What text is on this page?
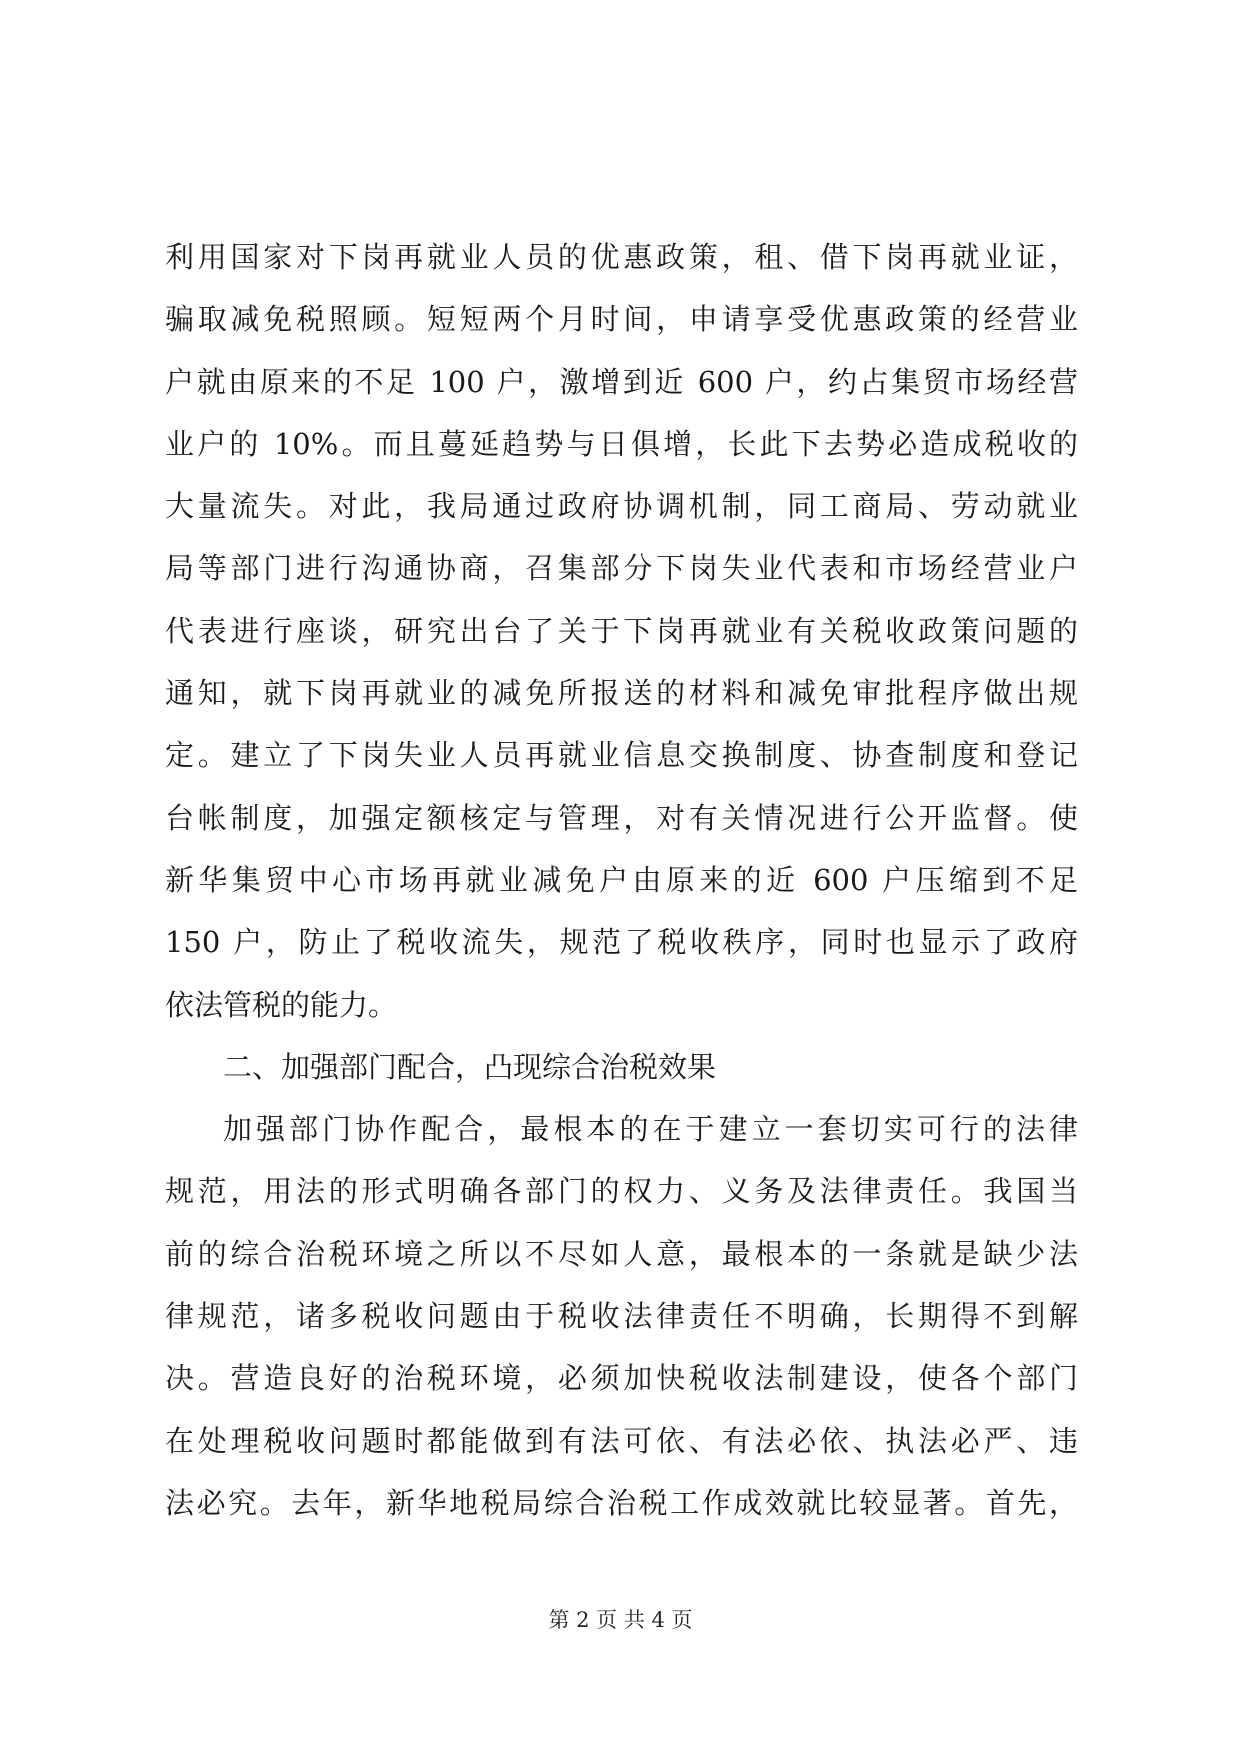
利用国家对下岗再就业人员的优惠政策，租、借下岗再就业证，
骗取减免税照顾。短短两个月时间，申请享受优惠政策的经营业
户就由原来的不足 100 户，激增到近 600 户，约占集贸市场经营
业户的 10%。而且蔓延趋势与日俱增，长此下去势必造成税收的
大量流失。对此，我局通过政府协调机制，同工商局、劳动就业
局等部门进行沟通协商，召集部分下岗失业代表和市场经营业户
代表进行座谈，研究出台了关于下岗再就业有关税收政策问题的
通知，就下岗再就业的减免所报送的材料和减免审批程序做出规
定。建立了下岗失业人员再就业信息交换制度、协查制度和登记
台帐制度，加强定额核定与管理，对有关情况进行公开监督。使
新华集贸中心市场再就业减免户由原来的近 600 户压缩到不足
150 户，防止了税收流失，规范了税收秩序，同时也显示了政府
依法管税的能力。
二、加强部门配合，凸现综合治税效果
加强部门协作配合，最根本的在于建立一套切实可行的法律
规范，用法的形式明确各部门的权力、义务及法律责任。我国当
前的综合治税环境之所以不尽如人意，最根本的一条就是缺少法
律规范，诸多税收问题由于税收法律责任不明确，长期得不到解
决。营造良好的治税环境，必须加快税收法制建设，使各个部门
在处理税收问题时都能做到有法可依、有法必依、执法必严、违
法必究。去年，新华地税局综合治税工作成效就比较显著。首先，
第 2 页 共 4 页
